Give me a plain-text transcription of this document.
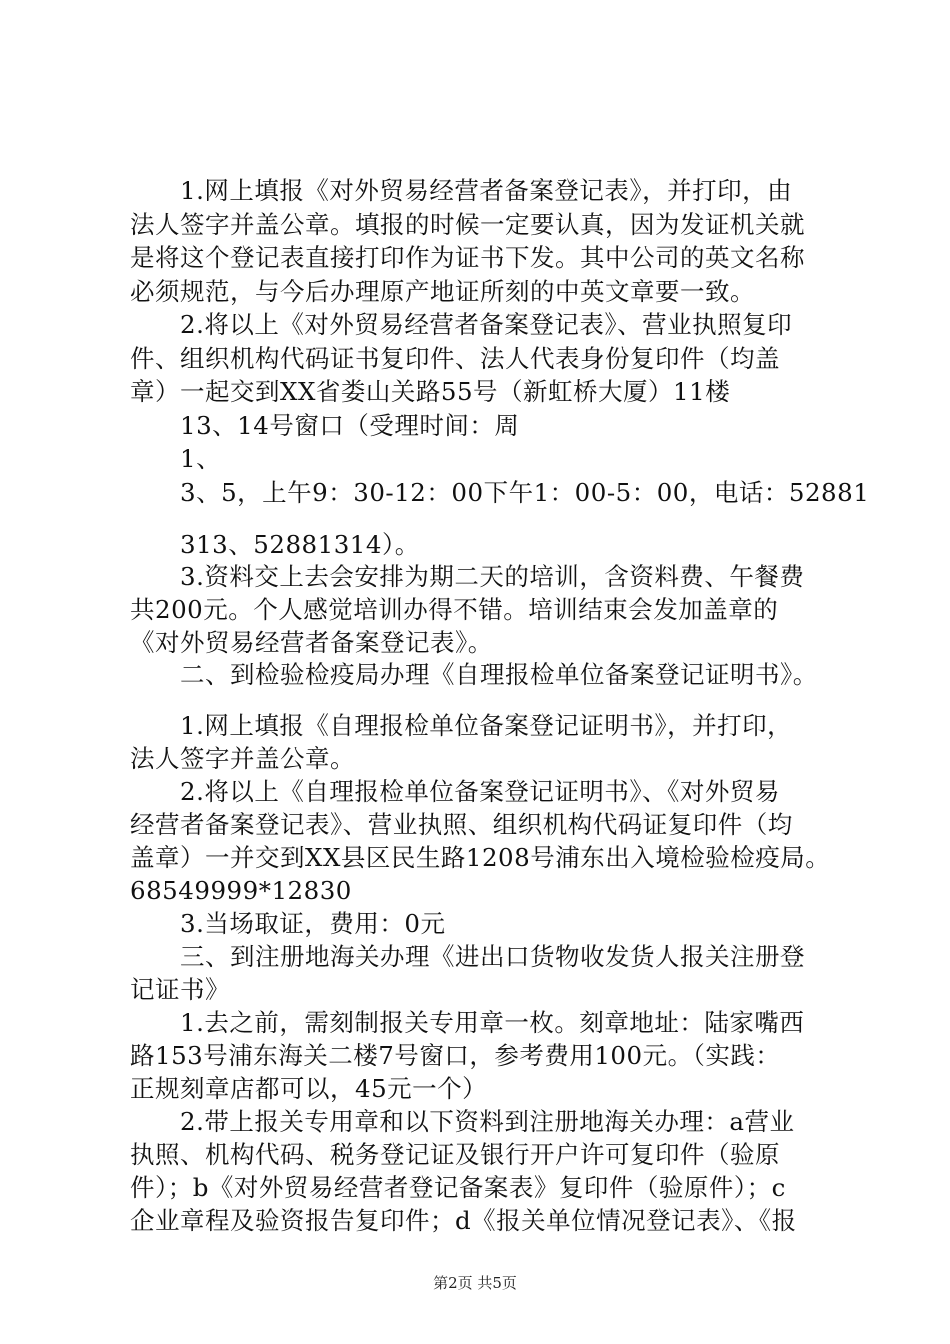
　　1.网上填报《对外贸易经营者备案登记表》，并打印，由
法人签字并盖公章。填报的时候一定要认真，因为发证机关就
是将这个登记表直接打印作为证书下发。其中公司的英文名称
必须规范，与今后办理原产地证所刻的中英文章要一致。
　　2.将以上《对外贸易经营者备案登记表》、营业执照复印
件、组织机构代码证书复印件、法人代表身份复印件（均盖
章）一起交到XX省娄山关路55号（新虹桥大厦）11楼
　　13、14号窗口（受理时间：周
　　1、
　　3、5，上午9：30-12：00下午1：00-5：00，电话：52881
　　313、52881314）。
　　3.资料交上去会安排为期二天的培训，含资料费、午餐费
共200元。个人感觉培训办得不错。培训结束会发加盖章的
《对外贸易经营者备案登记表》。
　　二、到检验检疫局办理《自理报检单位备案登记证明书》。
　　1.网上填报《自理报检单位备案登记证明书》，并打印，
法人签字并盖公章。
　　2.将以上《自理报检单位备案登记证明书》、《对外贸易
经营者备案登记表》、营业执照、组织机构代码证复印件（均
盖章）一并交到XX县区民生路1208号浦东出入境检验检疫局。
68549999*12830
　　3.当场取证，费用：0元
　　三、到注册地海关办理《进出口货物收发货人报关注册登
记证书》
　　1.去之前，需刻制报关专用章一枚。刻章地址：陆家嘴西
路153号浦东海关二楼7号窗口，参考费用100元。（实践：
正规刻章店都可以，45元一个）
　　2.带上报关专用章和以下资料到注册地海关办理：a营业
执照、机构代码、税务登记证及银行开户许可复印件（验原
件）；b《对外贸易经营者登记备案表》复印件（验原件）；c
企业章程及验资报告复印件；d《报关单位情况登记表》、《报
第2页 共5页
